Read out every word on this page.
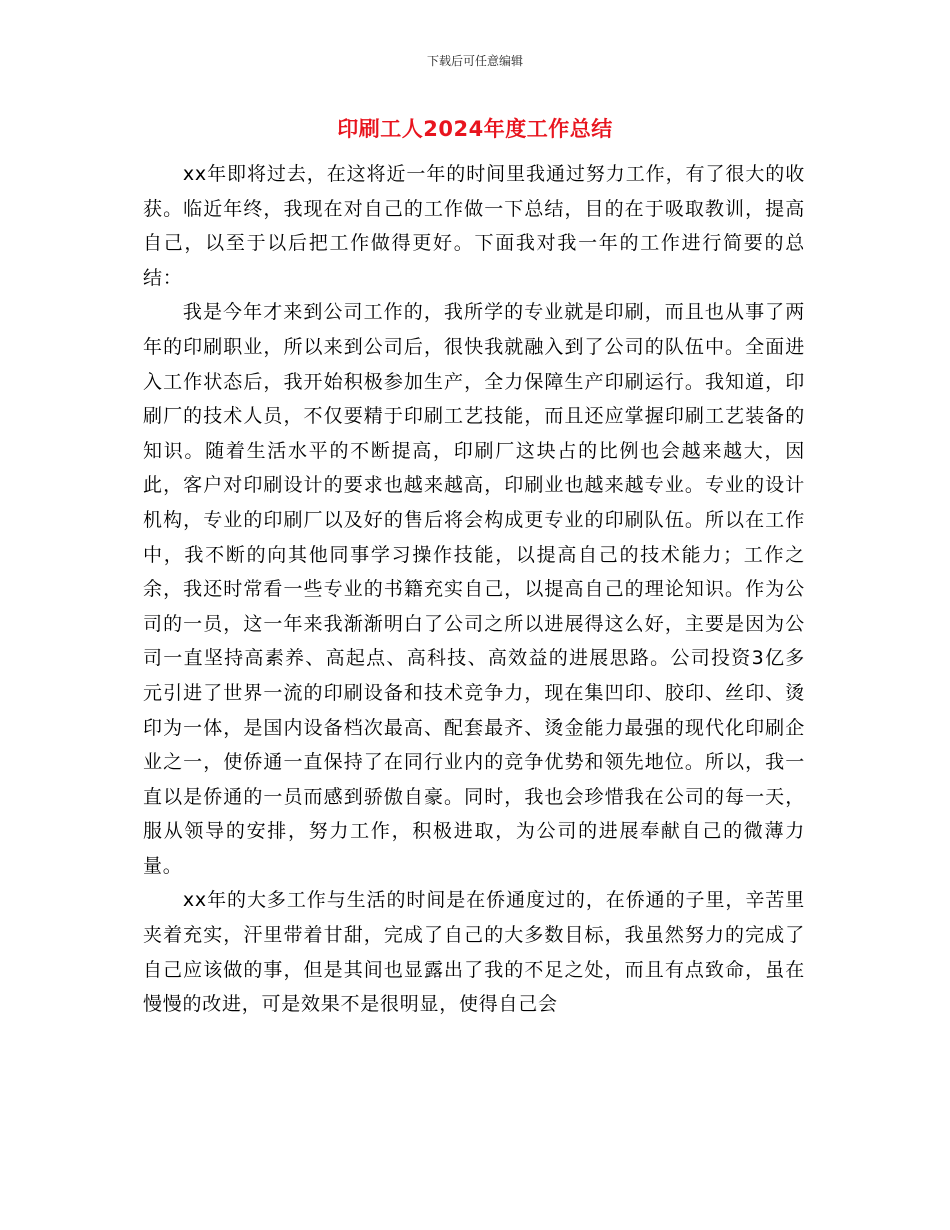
下载后可任意编辑
印刷工人2024年度工作总结

xx年即将过去，在这将近一年的时间里我通过努力工作，有了很大的收获。临近年终，我现在对自己的工作做一下总结，目的在于吸取教训，提高自己，以至于以后把工作做得更好。下面我对我一年的工作进行简要的总结：

我是今年才来到公司工作的，我所学的专业就是印刷，而且也从事了两年的印刷职业，所以来到公司后，很快我就融入到了公司的队伍中。全面进入工作状态后，我开始积极参加生产，全力保障生产印刷运行。我知道，印刷厂的技术人员，不仅要精于印刷工艺技能，而且还应掌握印刷工艺装备的知识。随着生活水平的不断提高，印刷厂这块占的比例也会越来越大，因此，客户对印刷设计的要求也越来越高，印刷业也越来越专业。专业的设计机构，专业的印刷厂以及好的售后将会构成更专业的印刷队伍。所以在工作中，我不断的向其他同事学习操作技能，以提高自己的技术能力；工作之余，我还时常看一些专业的书籍充实自己，以提高自己的理论知识。作为公司的一员，这一年来我渐渐明白了公司之所以进展得这么好，主要是因为公司一直坚持高素养、高起点、高科技、高效益的进展思路。公司投资3亿多元引进了世界一流的印刷设备和技术竞争力，现在集凹印、胶印、丝印、烫印为一体，是国内设备档次最高、配套最齐、烫金能力最强的现代化印刷企业之一，使侨通一直保持了在同行业内的竞争优势和领先地位。所以，我一直以是侨通的一员而感到骄傲自豪。同时，我也会珍惜我在公司的每一天，服从领导的安排，努力工作，积极进取，为公司的进展奉献自己的微薄力量。

xx年的大多工作与生活的时间是在侨通度过的，在侨通的子里，辛苦里夹着充实，汗里带着甘甜，完成了自己的大多数目标，我虽然努力的完成了自己应该做的事，但是其间也显露出了我的不足之处，而且有点致命，虽在慢慢的改进，可是效果不是很明显，使得自己会
